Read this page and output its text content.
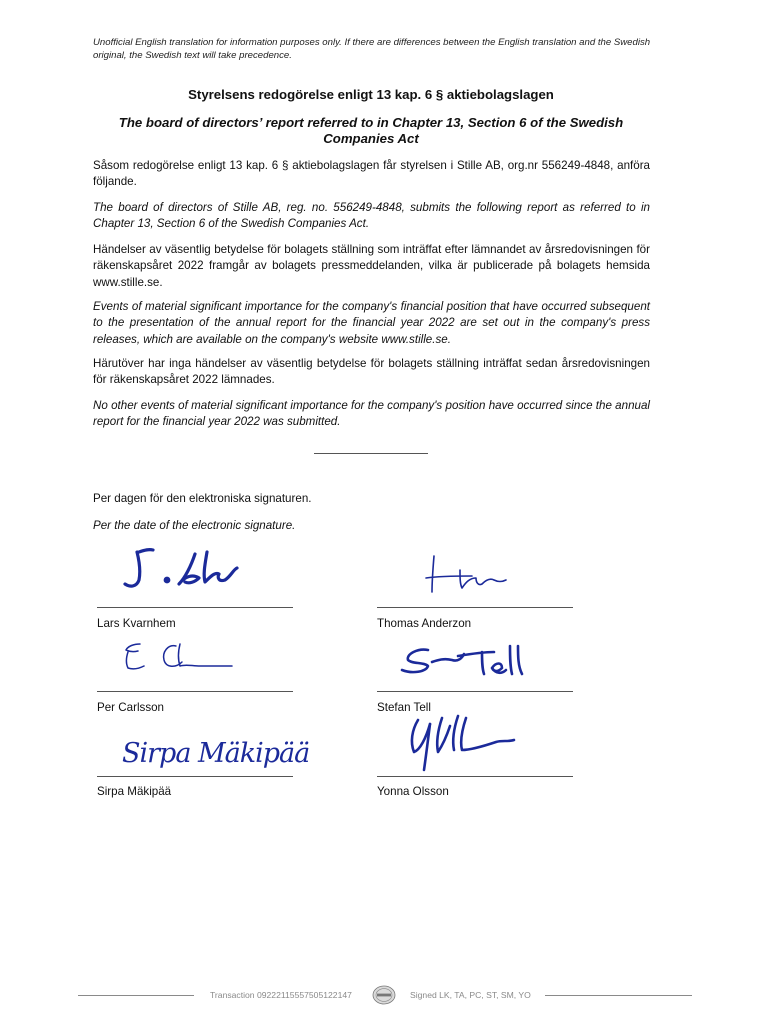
Unofficial English translation for information purposes only. If there are differences between the English translation and the Swedish original, the Swedish text will take precedence.
Styrelsens redogörelse enligt 13 kap. 6 § aktiebolagslagen
The board of directors’ report referred to in Chapter 13, Section 6 of the Swedish Companies Act
Såsom redogörelse enligt 13 kap. 6 § aktiebolagslagen får styrelsen i Stille AB, org.nr 556249-4848, anföra följande.
The board of directors of Stille AB, reg. no. 556249-4848, submits the following report as referred to in Chapter 13, Section 6 of the Swedish Companies Act.
Händelser av väsentlig betydelse för bolagets ställning som inträffat efter lämnandet av årsredovisningen för räkenskapsåret 2022 framgår av bolagets pressmeddelanden, vilka är publicerade på bolagets hemsida www.stille.se.
Events of material significant importance for the company's financial position that have occurred subsequent to the presentation of the annual report for the financial year 2022 are set out in the company's press releases, which are available on the company's website www.stille.se.
Härutöver har inga händelser av väsentlig betydelse för bolagets ställning inträffat sedan årsredovisningen för räkenskapsåret 2022 lämnades.
No other events of material significant importance for the company's position have occurred since the annual report for the financial year 2022 was submitted.
Per dagen för den elektroniska signaturen.
Per the date of the electronic signature.
Lars Kvarnhem	Thomas Anderzon
Per Carlsson	Stefan Tell
Sirpa Mäkipää
Sirpa Mäkipää	Yonna Olsson
Transaction 09222115557505122147	Signed LK, TA, PC, ST, SM, YO
